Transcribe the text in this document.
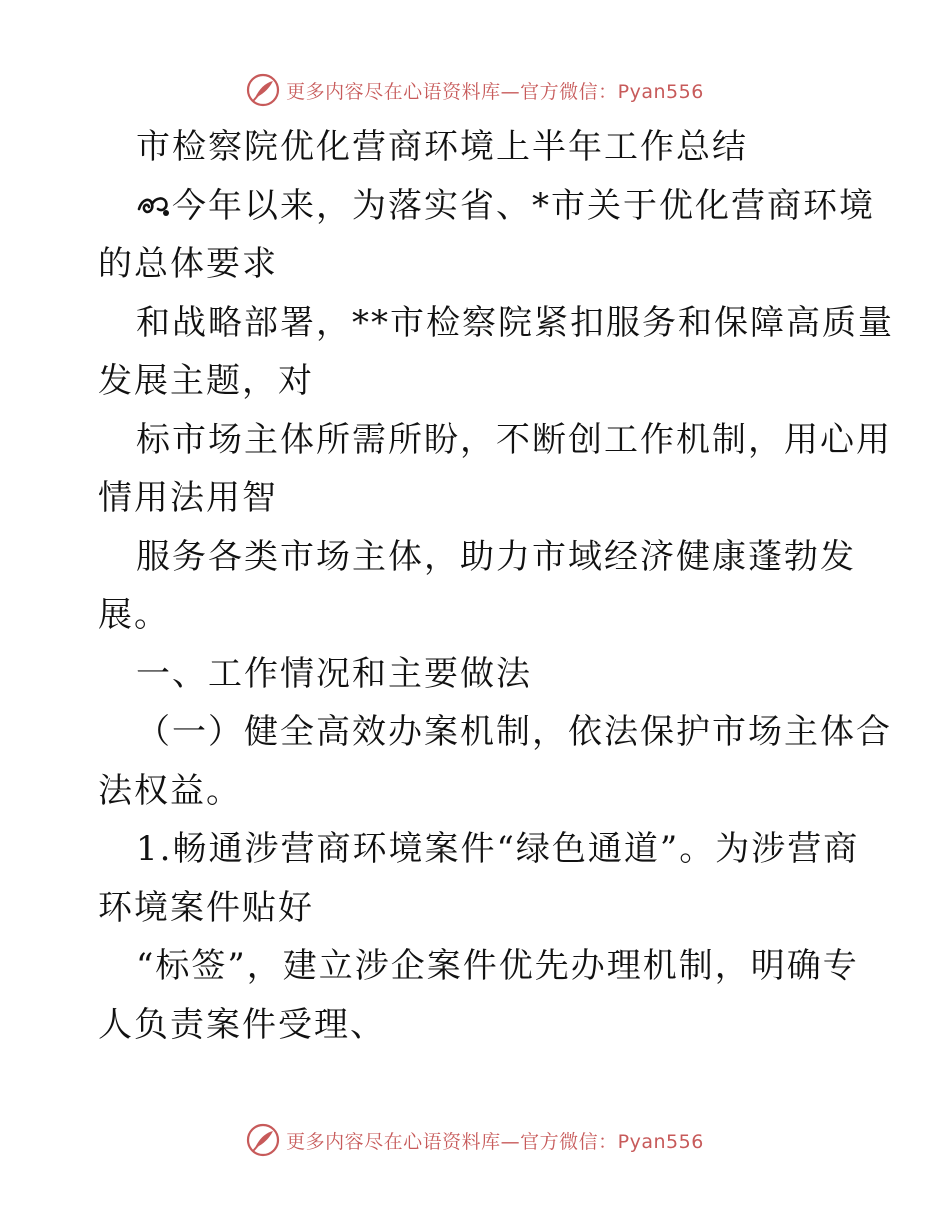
更多内容尽在心语资料库—官方微信：Pyan556

市检察院优化营商环境上半年工作总结

今年以来，为落实省、*市关于优化营商环境

的总体要求

和战略部署，**市检察院紧扣服务和保障高质量

发展主题，对

标市场主体所需所盼，不断创工作机制，用心用

情用法用智

服务各类市场主体，助力市域经济健康蓬勃发

展。

一、工作情况和主要做法

（一）健全高效办案机制，依法保护市场主体合

法权益。

1.畅通涉营商环境案件“绿色通道”。为涉营商

环境案件贴好

“标签”，建立涉企案件优先办理机制，明确专

人负责案件受理、

更多内容尽在心语资料库—官方微信：Pyan556
